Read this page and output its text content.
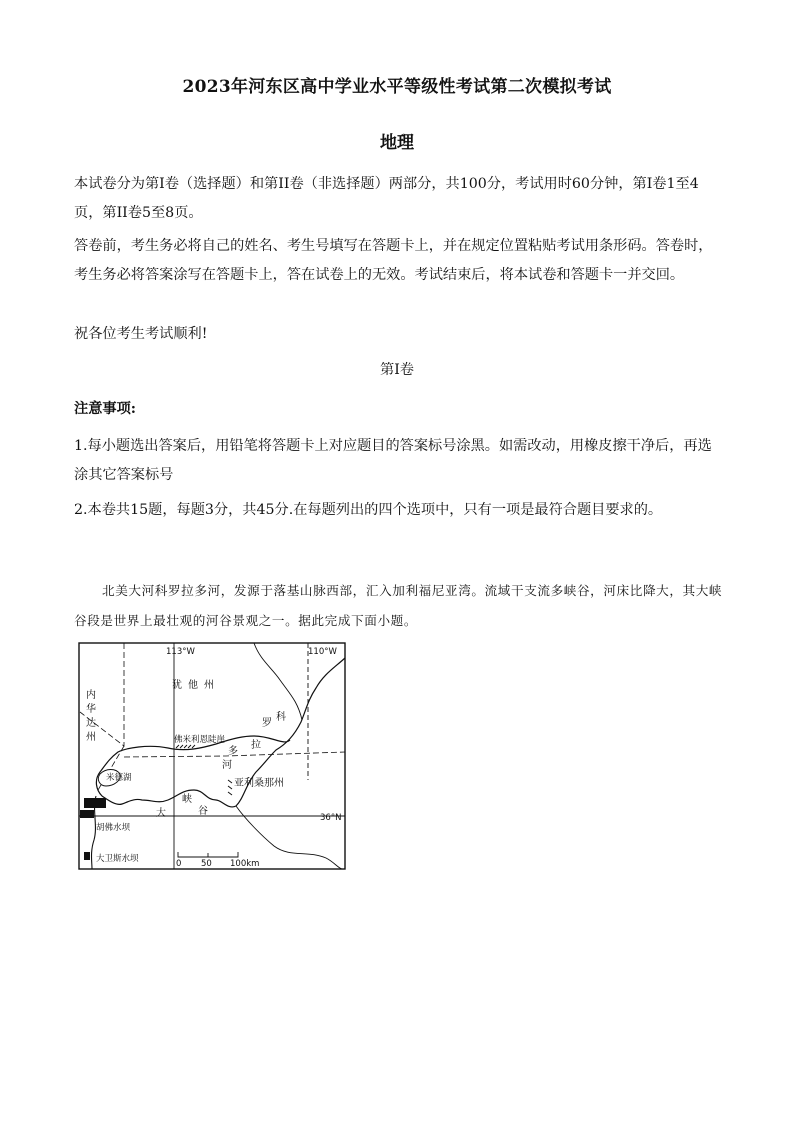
2023年河东区高中学业水平等级性考试第二次模拟考试
地理

本试卷分为第Ⅰ卷（选择题）和第II卷（非选择题）两部分，共100分，考试用时60分钟，第Ⅰ卷1至4页，第II卷5至8页。

答卷前，考生务必将自己的姓名、考生号填写在答题卡上，并在规定位置粘贴考试用条形码。答卷时，考生务必将答案涂写在答题卡上，答在试卷上的无效。考试结束后，将本试卷和答题卡一并交回。

祝各位考生考试顺利!

第Ⅰ卷
注意事项:

1.每小题选出答案后，用铅笔将答题卡上对应题目的答案标号涂黑。如需改动，用橡皮擦干净后，再选涂其它答案标号

2.本卷共15题，每题3分，共45分.在每题列出的四个选项中，只有一项是最符合题目要求的。

北美大河科罗拉多河，发源于落基山脉西部，汇入加利福尼亚湾。流域干支流多峡谷，河床比降大，其大峡谷段是世界上最壮观的河谷景观之一。据此完成下面小题。

113°W	110°W
36°N
犹他州
内
华
达
州
亚利桑那州
科
罗
拉
多
河
佛米利恩陡崖
米德湖
大
峡
谷
胡佛水坝
大卫斯水坝	0 50 100km
